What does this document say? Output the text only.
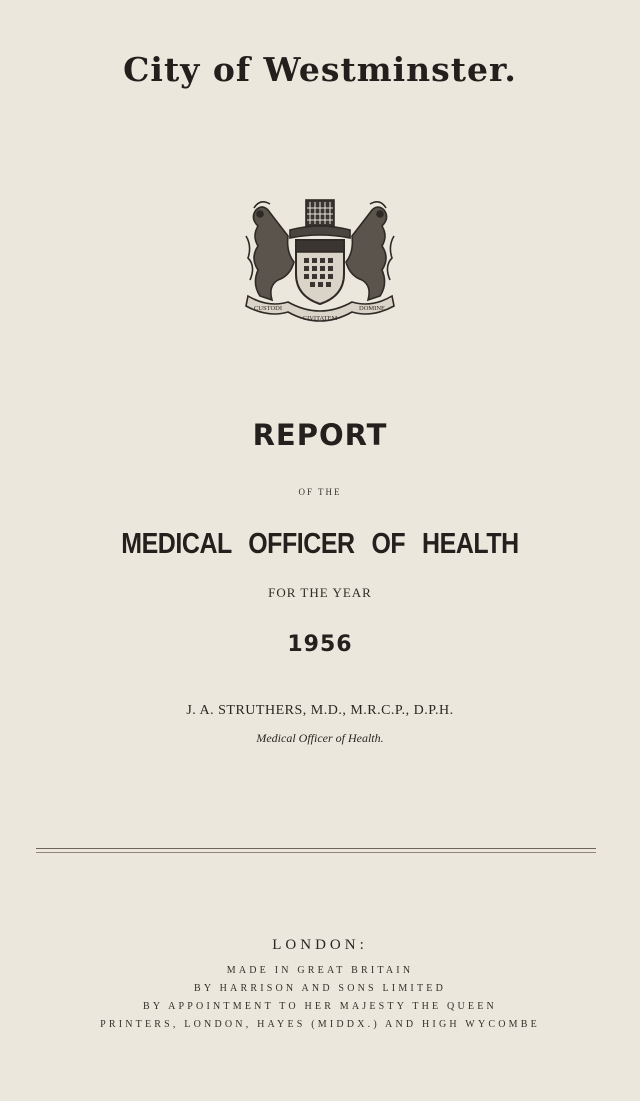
City of Westminster.
CUSTODI
CIVITATEM
DOMINE
REPORT
OF THE
MEDICAL OFFICER OF HEALTH
FOR THE YEAR
1956
J. A. STRUTHERS, M.D., M.R.C.P., D.P.H.
Medical Officer of Health.
LONDON:
MADE IN GREAT BRITAIN
BY HARRISON AND SONS LIMITED
BY APPOINTMENT TO HER MAJESTY THE QUEEN
PRINTERS, LONDON, HAYES (MIDDX.) AND HIGH WYCOMBE
